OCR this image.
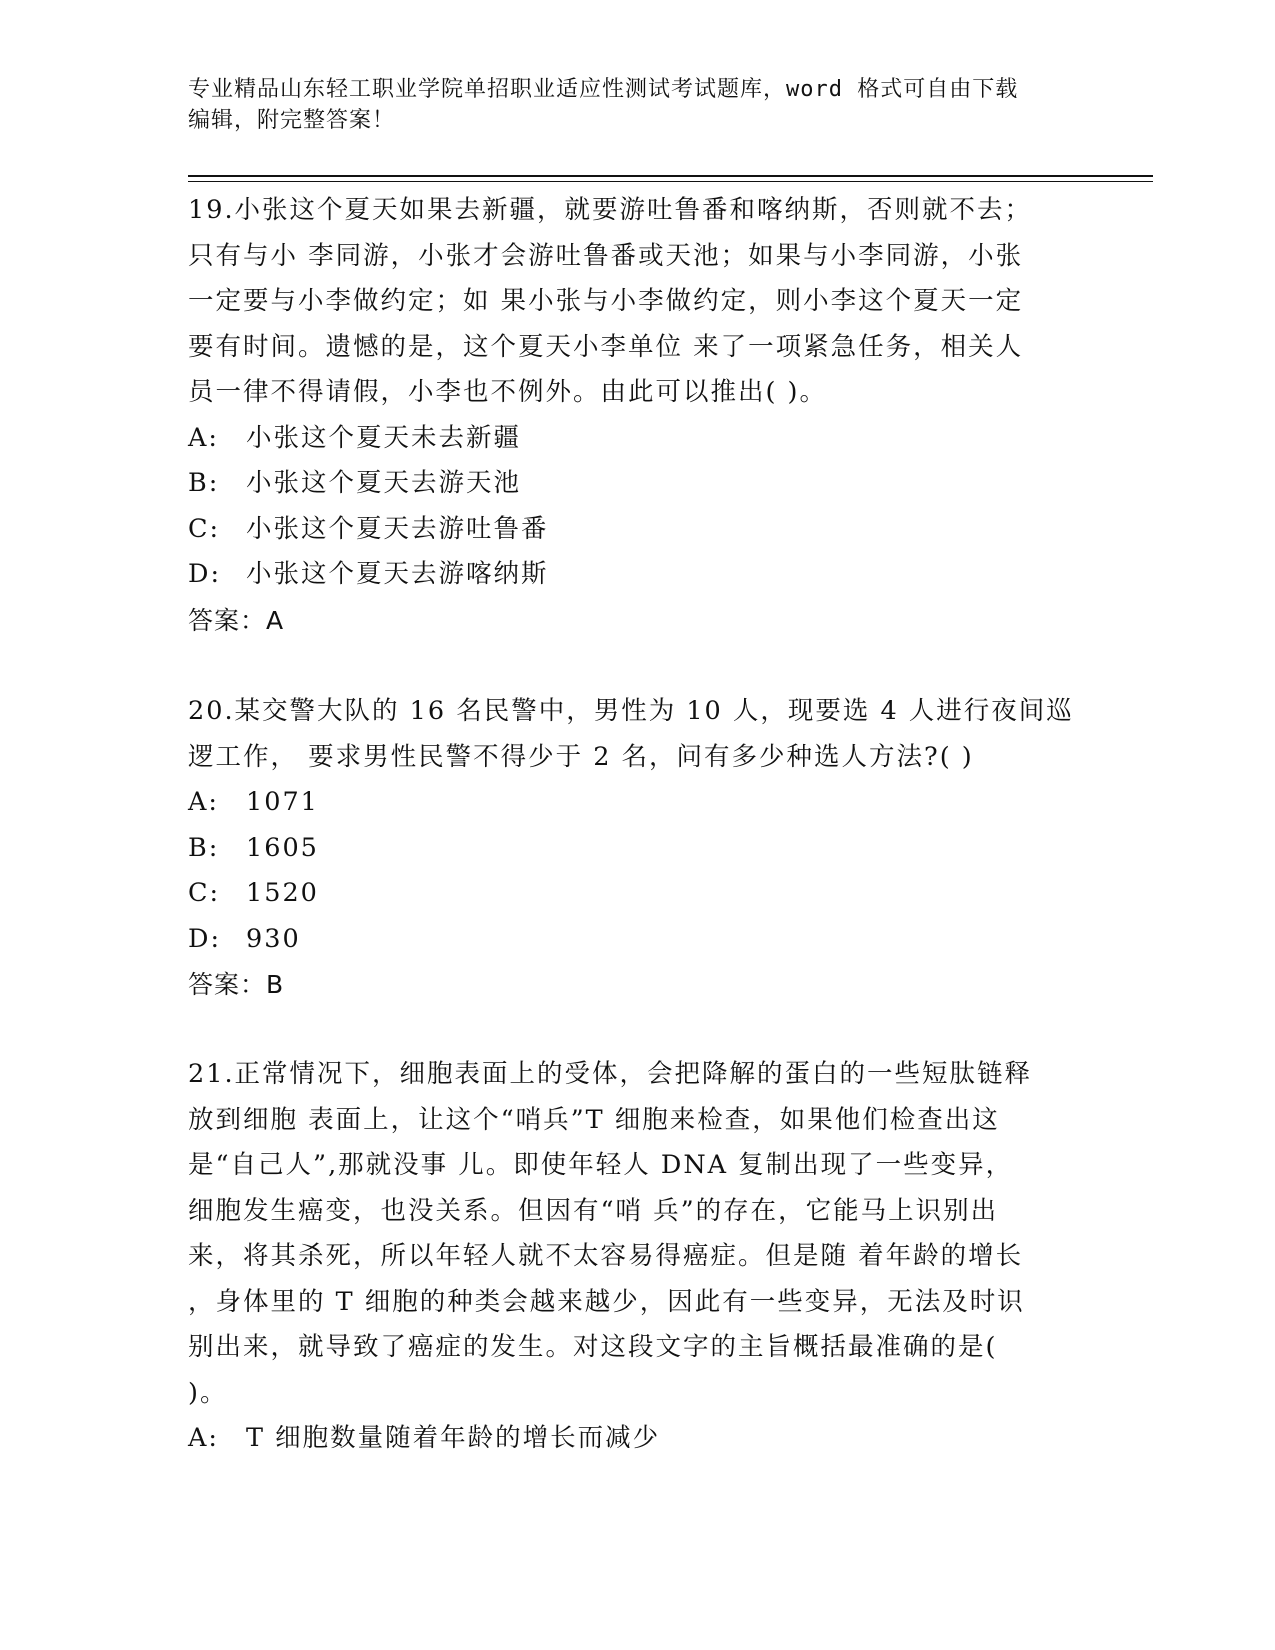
专业精品山东轻工职业学院单招职业适应性测试考试题库，word 格式可自由下载
编辑，附完整答案！
19.小张这个夏天如果去新疆，就要游吐鲁番和喀纳斯，否则就不去；
只有与小 李同游，小张才会游吐鲁番或天池；如果与小李同游，小张
一定要与小李做约定；如 果小张与小李做约定，则小李这个夏天一定
要有时间。遗憾的是，这个夏天小李单位 来了一项紧急任务，相关人
员一律不得请假，小李也不例外。由此可以推出( )。
A: 小张这个夏天未去新疆
B: 小张这个夏天去游天池
C: 小张这个夏天去游吐鲁番
D: 小张这个夏天去游喀纳斯
答案：A
20.某交警大队的 16 名民警中，男性为 10 人，现要选 4 人进行夜间巡
逻工作， 要求男性民警不得少于 2 名，问有多少种选人方法?( )
A: 1071
B: 1605
C: 1520
D: 930
答案：B
21.正常情况下，细胞表面上的受体，会把降解的蛋白的一些短肽链释
放到细胞 表面上，让这个“哨兵”T 细胞来检查，如果他们检查出这
是“自己人”,那就没事 儿。即使年轻人 DNA 复制出现了一些变异，
细胞发生癌变，也没关系。但因有“哨 兵”的存在，它能马上识别出
来，将其杀死，所以年轻人就不太容易得癌症。但是随 着年龄的增长
，身体里的 T 细胞的种类会越来越少，因此有一些变异，无法及时识
别出来，就导致了癌症的发生。对这段文字的主旨概括最准确的是(
)。
A: T 细胞数量随着年龄的增长而减少
